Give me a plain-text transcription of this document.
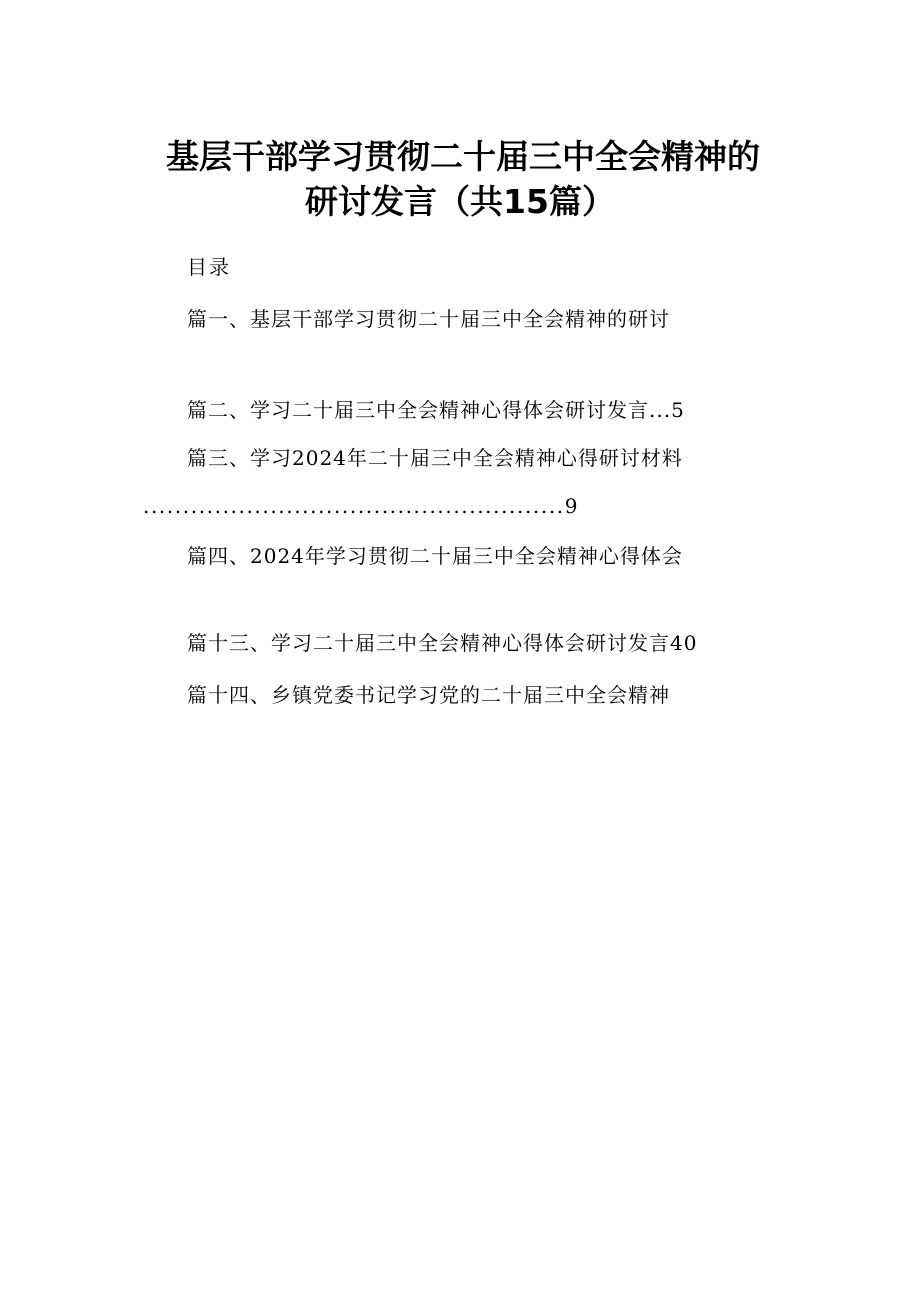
基层干部学习贯彻二十届三中全会精神的
研讨发言（共15篇）
目录
篇一、基层干部学习贯彻二十届三中全会精神的研讨
篇二、学习二十届三中全会精神心得体会研讨发言...5
篇三、学习2024年二十届三中全会精神心得研讨材料
.....................................................9
篇四、2024年学习贯彻二十届三中全会精神心得体会
篇十三、学习二十届三中全会精神心得体会研讨发言40
篇十四、乡镇党委书记学习党的二十届三中全会精神
